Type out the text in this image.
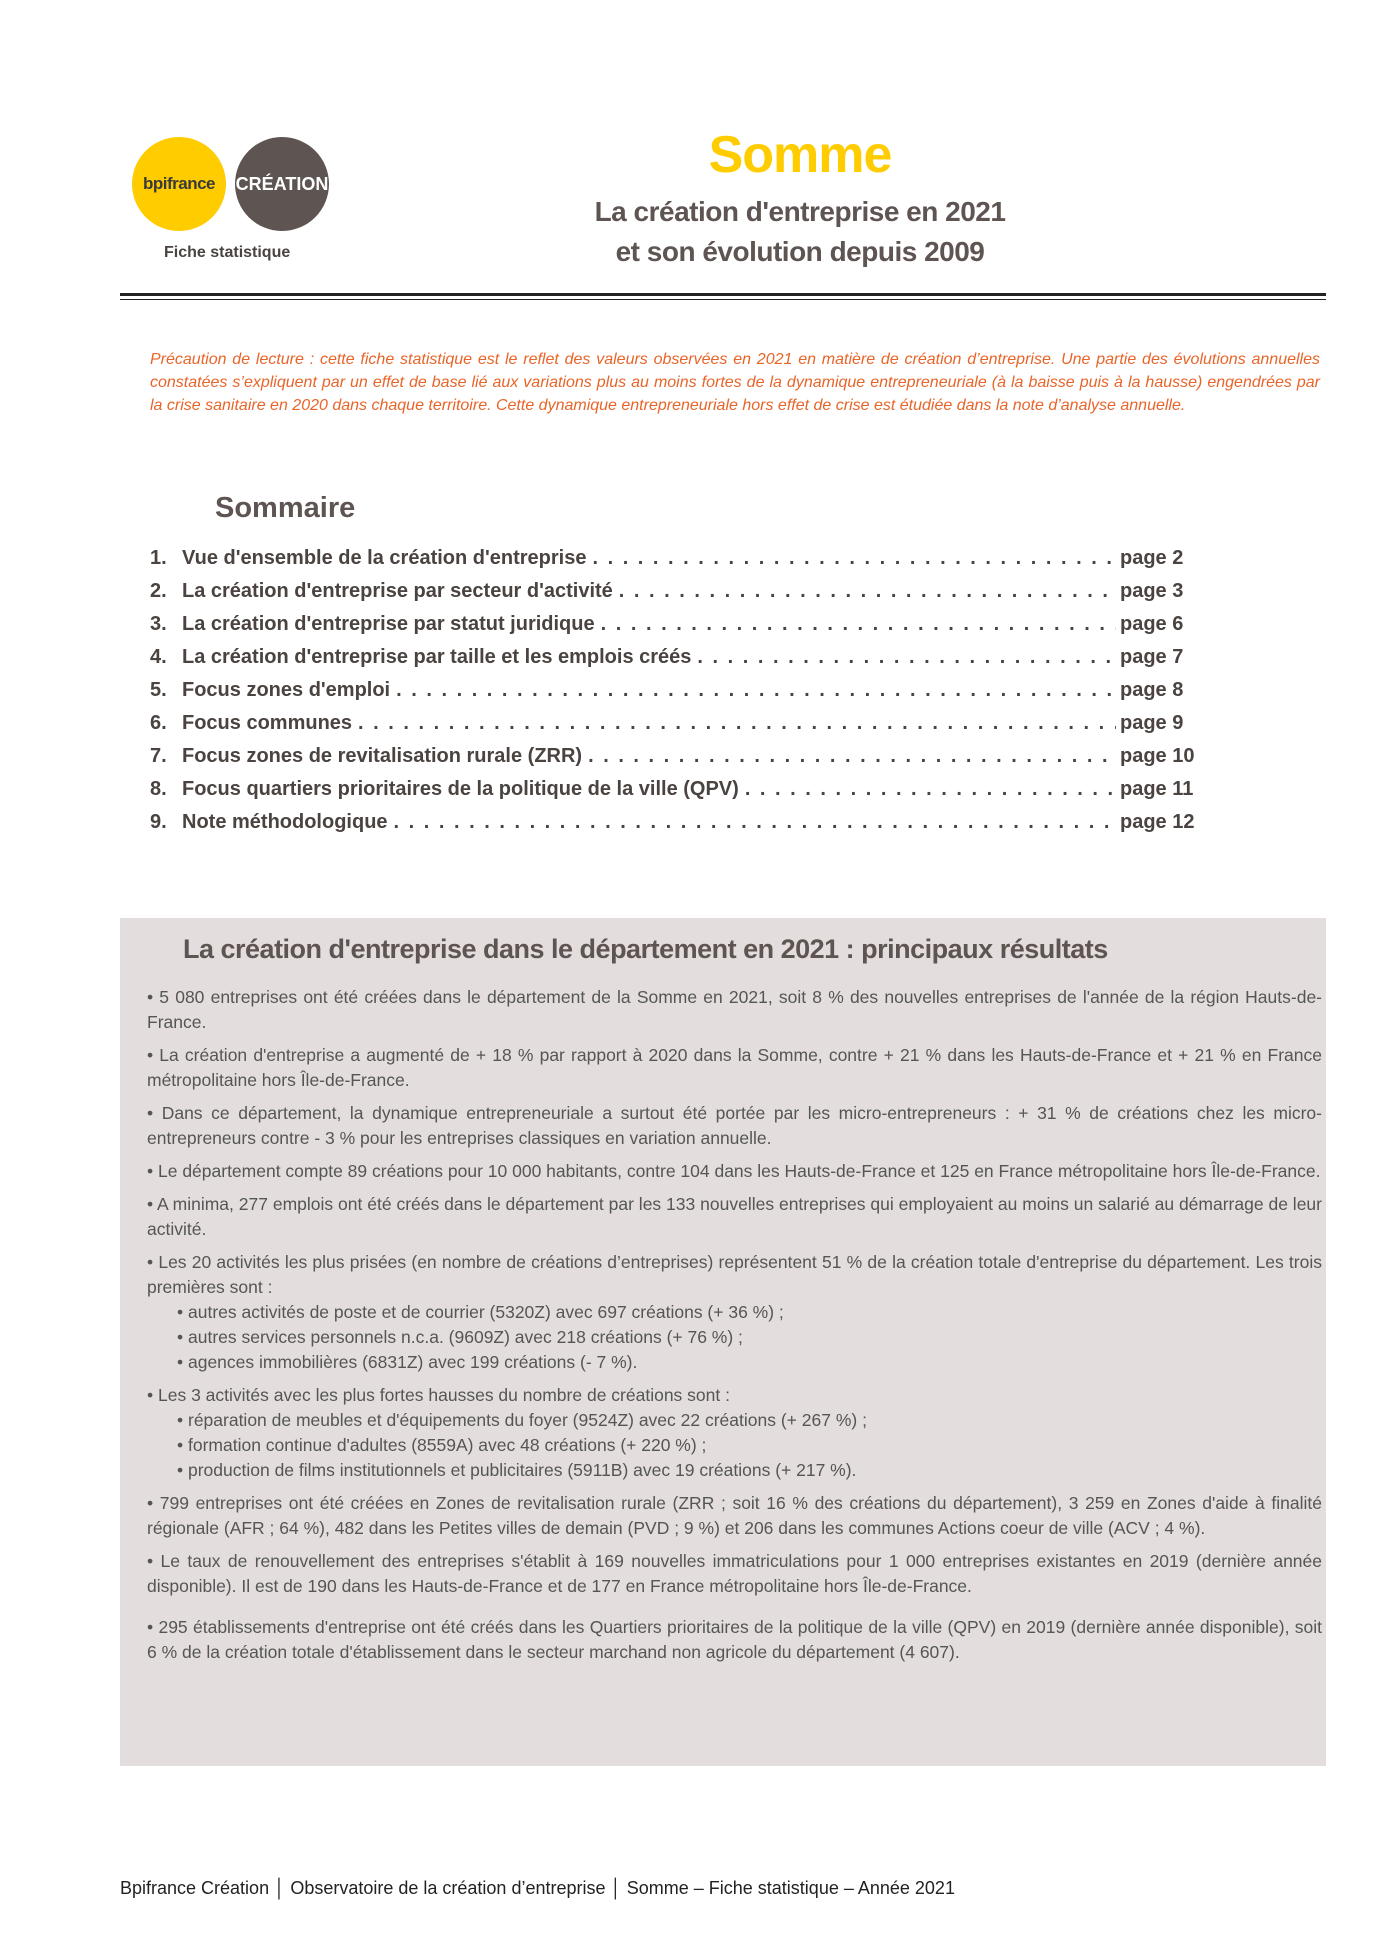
bpifrance CRÉATION
Fiche statistique
Somme
La création d'entreprise en 2021
et son évolution depuis 2009
Précaution de lecture : cette fiche statistique est le reflet des valeurs observées en 2021 en matière de création d’entreprise. Une partie des évolutions annuelles constatées s’expliquent par un effet de base lié aux variations plus au moins fortes de la dynamique entrepreneuriale (à la baisse puis à la hausse) engendrées par la crise sanitaire en 2020 dans chaque territoire. Cette dynamique entrepreneuriale hors effet de crise est étudiée dans la note d’analyse annuelle.
Sommaire
1. Vue d'ensemble de la création d'entreprise . . .	page 2
2. La création d'entreprise par secteur d'activité . . .	page 3
3. La création d'entreprise par statut juridique . . .	page 6
4. La création d'entreprise par taille et les emplois créés . . .	page 7
5. Focus zones d'emploi . . .	page 8
6. Focus communes . . .	page 9
7. Focus zones de revitalisation rurale (ZRR) . . .	page 10
8. Focus quartiers prioritaires de la politique de la ville (QPV) . . .	page 11
9. Note méthodologique . . .	page 12
La création d'entreprise dans le département en 2021 : principaux résultats

• 5 080 entreprises ont été créées dans le département de la Somme en 2021, soit 8 % des nouvelles entreprises de l'année de la région Hauts-de-France.

• La création d'entreprise a augmenté de + 18 % par rapport à 2020 dans la Somme, contre + 21 % dans les Hauts-de-France et + 21 % en France métropolitaine hors Île-de-France.

• Dans ce département, la dynamique entrepreneuriale a surtout été portée par les micro-entrepreneurs : + 31 % de créations chez les micro-entrepreneurs contre - 3 % pour les entreprises classiques en variation annuelle.

• Le département compte 89 créations pour 10 000 habitants, contre 104 dans les Hauts-de-France et 125 en France métropolitaine hors Île-de-France.

• A minima, 277 emplois ont été créés dans le département par les 133 nouvelles entreprises qui employaient au moins un salarié au démarrage de leur activité.

• Les 20 activités les plus prisées (en nombre de créations d’entreprises) représentent 51 % de la création totale d'entreprise du département. Les trois premières sont :

• autres activités de poste et de courrier (5320Z) avec 697 créations (+ 36 %) ;
• autres services personnels n.c.a. (9609Z) avec 218 créations (+ 76 %) ;
• agences immobilières (6831Z) avec 199 créations (- 7 %).

• Les 3 activités avec les plus fortes hausses du nombre de créations sont :

• réparation de meubles et d'équipements du foyer (9524Z) avec 22 créations (+ 267 %) ;
• formation continue d'adultes (8559A) avec 48 créations (+ 220 %) ;
• production de films institutionnels et publicitaires (5911B) avec 19 créations (+ 217 %).

• 799 entreprises ont été créées en Zones de revitalisation rurale (ZRR ; soit 16 % des créations du département), 3 259 en Zones d'aide à finalité régionale (AFR ; 64 %), 482 dans les Petites villes de demain (PVD ; 9 %) et 206 dans les communes Actions coeur de ville (ACV ; 4 %).

• Le taux de renouvellement des entreprises s'établit à 169 nouvelles immatriculations pour 1 000 entreprises existantes en 2019 (dernière année disponible). Il est de 190 dans les Hauts-de-France et de 177 en France métropolitaine hors Île-de-France.

• 295 établissements d'entreprise ont été créés dans les Quartiers prioritaires de la politique de la ville (QPV) en 2019 (dernière année disponible), soit 6 % de la création totale d'établissement dans le secteur marchand non agricole du département (4 607).

Bpifrance Création │ Observatoire de la création d’entreprise │ Somme – Fiche statistique – Année 2021
